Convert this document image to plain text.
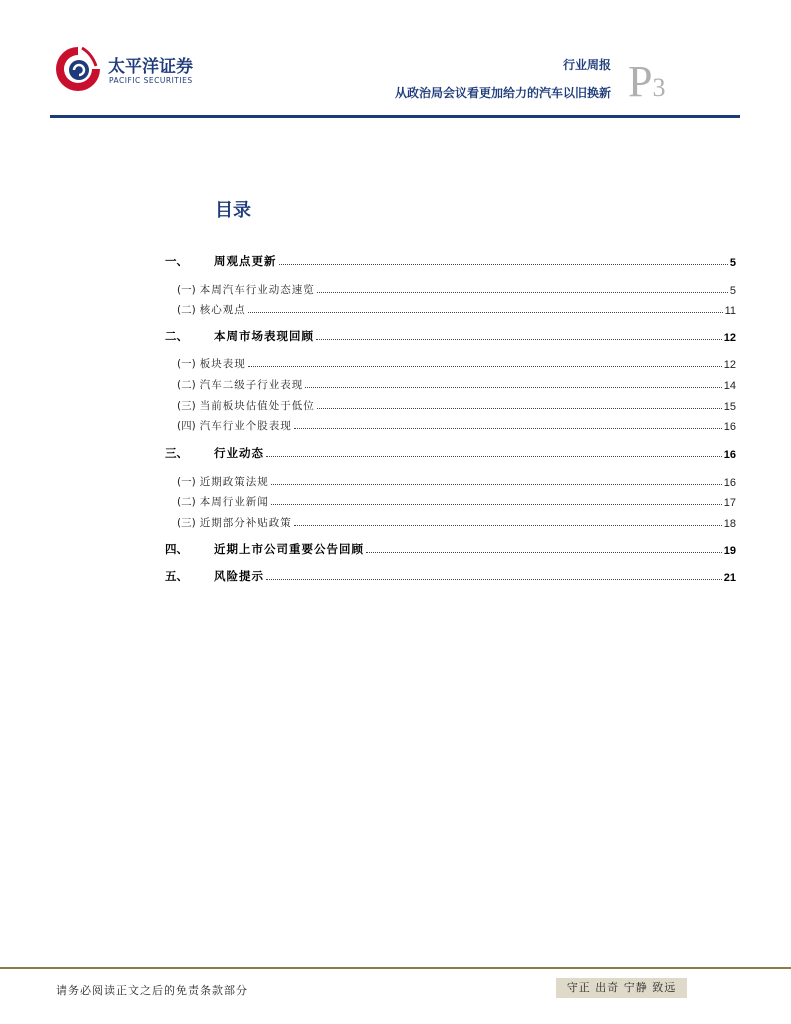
太平洋证券
PACIFIC SECURITIES
行业周报
从政治局会议看更加给力的汽车以旧换新 P3
目录
一、 周观点更新	5
(一) 本周汽车行业动态速览	5
(二) 核心观点	11
二、 本周市场表现回顾	12
(一) 板块表现	12
(二) 汽车二级子行业表现	14
(三) 当前板块估值处于低位	15
(四) 汽车行业个股表现	16
三、 行业动态	16
(一) 近期政策法规	16
(二) 本周行业新闻	17
(三) 近期部分补贴政策	18
四、 近期上市公司重要公告回顾	19
五、 风险提示	21
请务必阅读正文之后的免责条款部分	守正 出奇 宁静 致远
